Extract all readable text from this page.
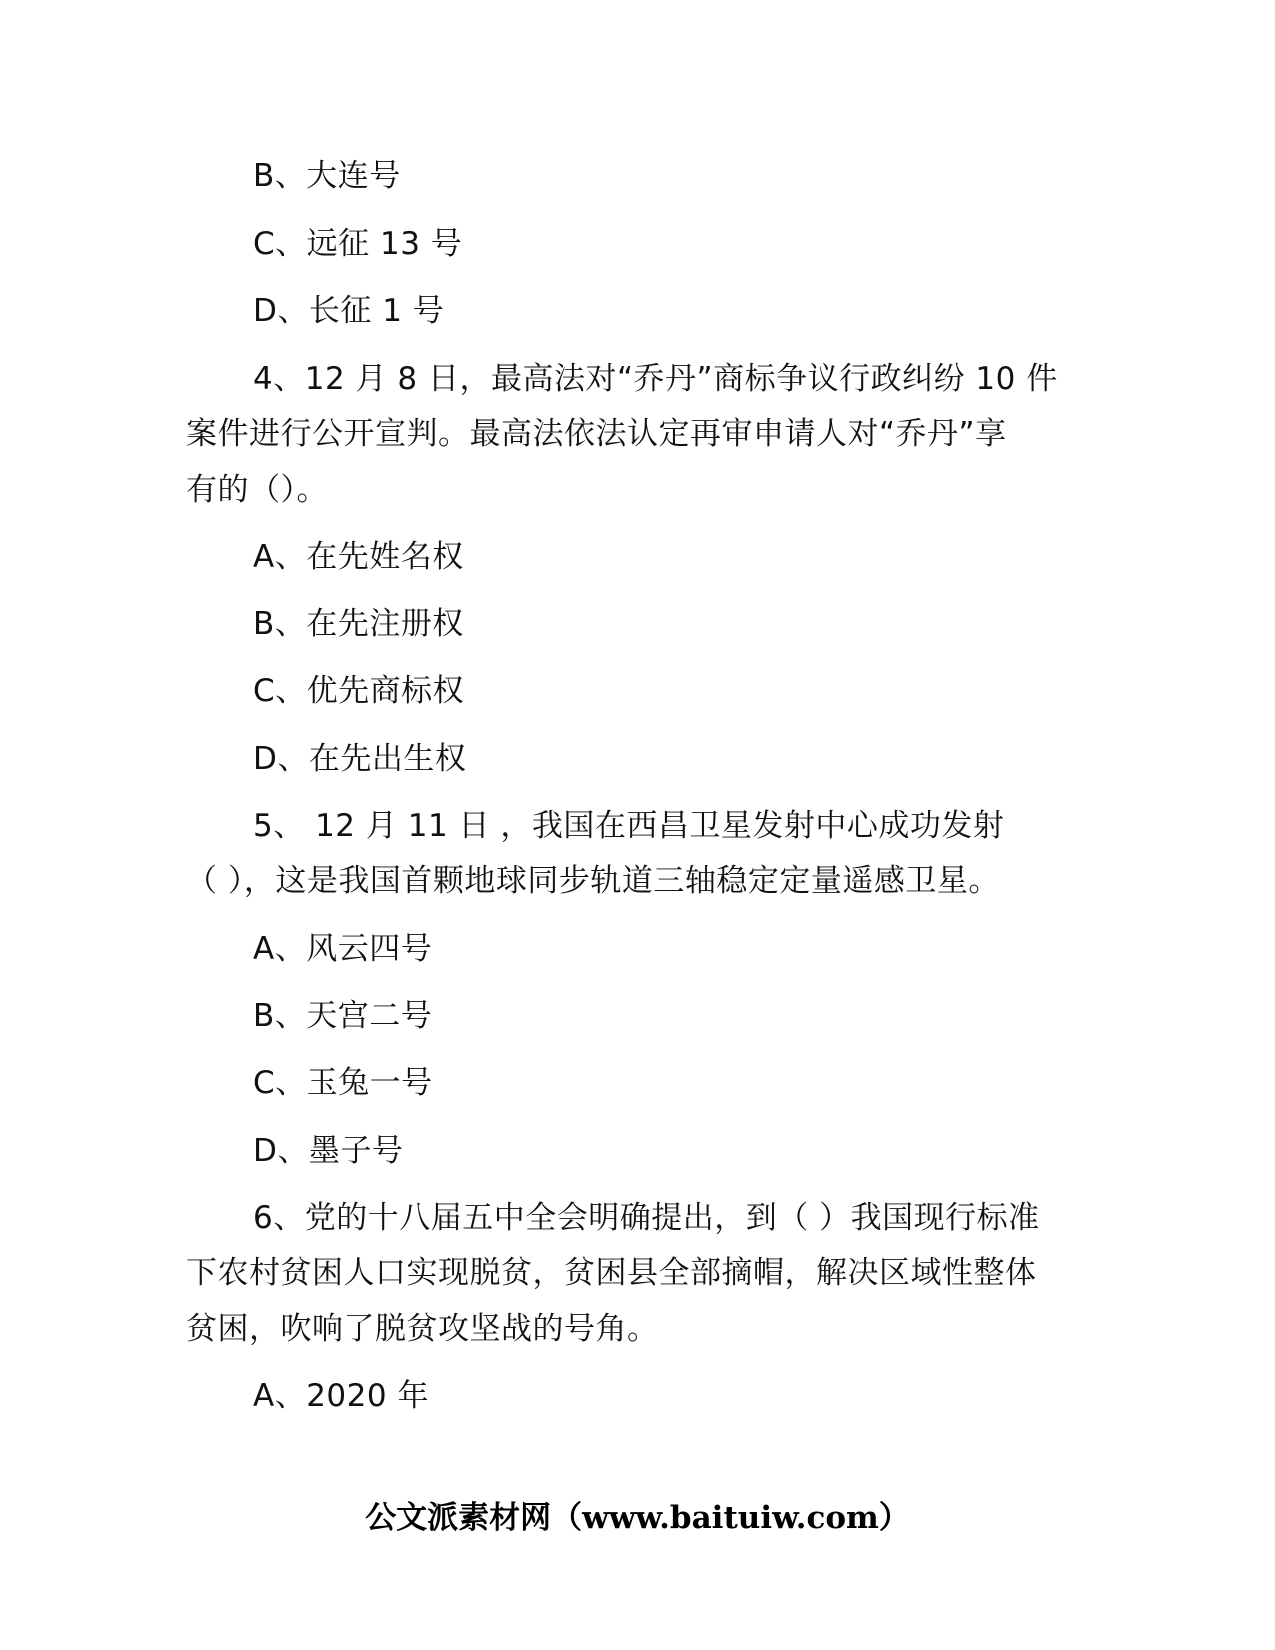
B、大连号
C、远征 13 号
D、长征 1 号
4、12 月 8 日，最高法对“乔丹”商标争议行政纠纷 10 件
案件进行公开宣判。最高法依法认定再审申请人对“乔丹”享
有的（）。
A、在先姓名权
B、在先注册权
C、优先商标权
D、在先出生权
5、 12 月 11 日 ，我国在西昌卫星发射中心成功发射
（ ），这是我国首颗地球同步轨道三轴稳定定量遥感卫星。
A、风云四号
B、天宫二号
C、玉兔一号
D、墨子号
6、党的十八届五中全会明确提出，到（ ）我国现行标准
下农村贫困人口实现脱贫，贫困县全部摘帽，解决区域性整体
贫困，吹响了脱贫攻坚战的号角。
A、2020 年
公文派素材网（www.baituiw.com）
